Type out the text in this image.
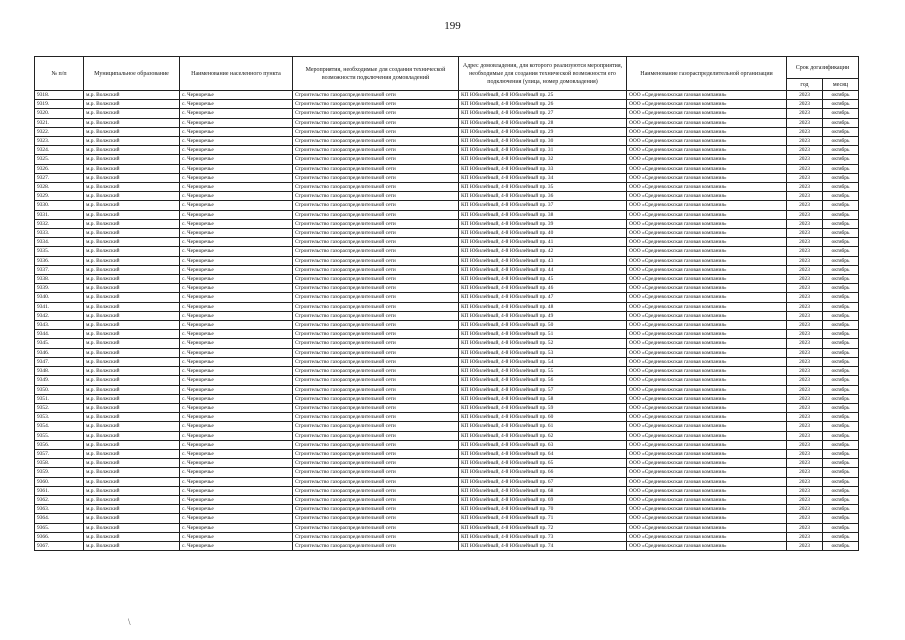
199
№ п/п	Муниципальное образование	Наименование населенного пункта	Мероприятия, необходимые для создания технической возможности подключения домовладений	Адрес домовладения, для которого реализуются мероприятия, необходимые для создания технической возможности его подключения (улица, номер домовладения)	Наименование газораспределительной организации	Срок догазификации	
						год	месяц
9318.	м.р. Волжский	с. Черноречье	Строительство газораспределительной сети	КП Юбилейный, 4-й Юбилейный пр. 25	ООО «Средневолжская газовая компания»	2023	октябрь
9319.	м.р. Волжский	с. Черноречье	Строительство газораспределительной сети	КП Юбилейный, 4-й Юбилейный пр. 26	ООО «Средневолжская газовая компания»	2023	октябрь
9320.	м.р. Волжский	с. Черноречье	Строительство газораспределительной сети	КП Юбилейный, 4-й Юбилейный пр. 27	ООО «Средневолжская газовая компания»	2023	октябрь
9321.	м.р. Волжский	с. Черноречье	Строительство газораспределительной сети	КП Юбилейный, 4-й Юбилейный пр. 28	ООО «Средневолжская газовая компания»	2023	октябрь
9322.	м.р. Волжский	с. Черноречье	Строительство газораспределительной сети	КП Юбилейный, 4-й Юбилейный пр. 29	ООО «Средневолжская газовая компания»	2023	октябрь
9323.	м.р. Волжский	с. Черноречье	Строительство газораспределительной сети	КП Юбилейный, 4-й Юбилейный пр. 30	ООО «Средневолжская газовая компания»	2023	октябрь
9324.	м.р. Волжский	с. Черноречье	Строительство газораспределительной сети	КП Юбилейный, 4-й Юбилейный пр. 31	ООО «Средневолжская газовая компания»	2023	октябрь
9325.	м.р. Волжский	с. Черноречье	Строительство газораспределительной сети	КП Юбилейный, 4-й Юбилейный пр. 32	ООО «Средневолжская газовая компания»	2023	октябрь
9326.	м.р. Волжский	с. Черноречье	Строительство газораспределительной сети	КП Юбилейный, 4-й Юбилейный пр. 33	ООО «Средневолжская газовая компания»	2023	октябрь
9327.	м.р. Волжский	с. Черноречье	Строительство газораспределительной сети	КП Юбилейный, 4-й Юбилейный пр. 34	ООО «Средневолжская газовая компания»	2023	октябрь
9328.	м.р. Волжский	с. Черноречье	Строительство газораспределительной сети	КП Юбилейный, 4-й Юбилейный пр. 35	ООО «Средневолжская газовая компания»	2023	октябрь
9329.	м.р. Волжский	с. Черноречье	Строительство газораспределительной сети	КП Юбилейный, 4-й Юбилейный пр. 36	ООО «Средневолжская газовая компания»	2023	октябрь
9330.	м.р. Волжский	с. Черноречье	Строительство газораспределительной сети	КП Юбилейный, 4-й Юбилейный пр. 37	ООО «Средневолжская газовая компания»	2023	октябрь
9331.	м.р. Волжский	с. Черноречье	Строительство газораспределительной сети	КП Юбилейный, 4-й Юбилейный пр. 38	ООО «Средневолжская газовая компания»	2023	октябрь
9332.	м.р. Волжский	с. Черноречье	Строительство газораспределительной сети	КП Юбилейный, 4-й Юбилейный пр. 39	ООО «Средневолжская газовая компания»	2023	октябрь
9333.	м.р. Волжский	с. Черноречье	Строительство газораспределительной сети	КП Юбилейный, 4-й Юбилейный пр. 40	ООО «Средневолжская газовая компания»	2023	октябрь
9334.	м.р. Волжский	с. Черноречье	Строительство газораспределительной сети	КП Юбилейный, 4-й Юбилейный пр. 41	ООО «Средневолжская газовая компания»	2023	октябрь
9335.	м.р. Волжский	с. Черноречье	Строительство газораспределительной сети	КП Юбилейный, 4-й Юбилейный пр. 42	ООО «Средневолжская газовая компания»	2023	октябрь
9336.	м.р. Волжский	с. Черноречье	Строительство газораспределительной сети	КП Юбилейный, 4-й Юбилейный пр. 43	ООО «Средневолжская газовая компания»	2023	октябрь
9337.	м.р. Волжский	с. Черноречье	Строительство газораспределительной сети	КП Юбилейный, 4-й Юбилейный пр. 44	ООО «Средневолжская газовая компания»	2023	октябрь
9338.	м.р. Волжский	с. Черноречье	Строительство газораспределительной сети	КП Юбилейный, 4-й Юбилейный пр. 45	ООО «Средневолжская газовая компания»	2023	октябрь
9339.	м.р. Волжский	с. Черноречье	Строительство газораспределительной сети	КП Юбилейный, 4-й Юбилейный пр. 46	ООО «Средневолжская газовая компания»	2023	октябрь
9340.	м.р. Волжский	с. Черноречье	Строительство газораспределительной сети	КП Юбилейный, 4-й Юбилейный пр. 47	ООО «Средневолжская газовая компания»	2023	октябрь
9341.	м.р. Волжский	с. Черноречье	Строительство газораспределительной сети	КП Юбилейный, 4-й Юбилейный пр. 48	ООО «Средневолжская газовая компания»	2023	октябрь
9342.	м.р. Волжский	с. Черноречье	Строительство газораспределительной сети	КП Юбилейный, 4-й Юбилейный пр. 49	ООО «Средневолжская газовая компания»	2023	октябрь
9343.	м.р. Волжский	с. Черноречье	Строительство газораспределительной сети	КП Юбилейный, 4-й Юбилейный пр. 50	ООО «Средневолжская газовая компания»	2023	октябрь
9344.	м.р. Волжский	с. Черноречье	Строительство газораспределительной сети	КП Юбилейный, 4-й Юбилейный пр. 51	ООО «Средневолжская газовая компания»	2023	октябрь
9345.	м.р. Волжский	с. Черноречье	Строительство газораспределительной сети	КП Юбилейный, 4-й Юбилейный пр. 52	ООО «Средневолжская газовая компания»	2023	октябрь
9346.	м.р. Волжский	с. Черноречье	Строительство газораспределительной сети	КП Юбилейный, 4-й Юбилейный пр. 53	ООО «Средневолжская газовая компания»	2023	октябрь
9347.	м.р. Волжский	с. Черноречье	Строительство газораспределительной сети	КП Юбилейный, 4-й Юбилейный пр. 54	ООО «Средневолжская газовая компания»	2023	октябрь
9348.	м.р. Волжский	с. Черноречье	Строительство газораспределительной сети	КП Юбилейный, 4-й Юбилейный пр. 55	ООО «Средневолжская газовая компания»	2023	октябрь
9349.	м.р. Волжский	с. Черноречье	Строительство газораспределительной сети	КП Юбилейный, 4-й Юбилейный пр. 56	ООО «Средневолжская газовая компания»	2023	октябрь
9350.	м.р. Волжский	с. Черноречье	Строительство газораспределительной сети	КП Юбилейный, 4-й Юбилейный пр. 57	ООО «Средневолжская газовая компания»	2023	октябрь
9351.	м.р. Волжский	с. Черноречье	Строительство газораспределительной сети	КП Юбилейный, 4-й Юбилейный пр. 58	ООО «Средневолжская газовая компания»	2023	октябрь
9352.	м.р. Волжский	с. Черноречье	Строительство газораспределительной сети	КП Юбилейный, 4-й Юбилейный пр. 59	ООО «Средневолжская газовая компания»	2023	октябрь
9353.	м.р. Волжский	с. Черноречье	Строительство газораспределительной сети	КП Юбилейный, 4-й Юбилейный пр. 60	ООО «Средневолжская газовая компания»	2023	октябрь
9354.	м.р. Волжский	с. Черноречье	Строительство газораспределительной сети	КП Юбилейный, 4-й Юбилейный пр. 61	ООО «Средневолжская газовая компания»	2023	октябрь
9355.	м.р. Волжский	с. Черноречье	Строительство газораспределительной сети	КП Юбилейный, 4-й Юбилейный пр. 62	ООО «Средневолжская газовая компания»	2023	октябрь
9356.	м.р. Волжский	с. Черноречье	Строительство газораспределительной сети	КП Юбилейный, 4-й Юбилейный пр. 63	ООО «Средневолжская газовая компания»	2023	октябрь
9357.	м.р. Волжский	с. Черноречье	Строительство газораспределительной сети	КП Юбилейный, 4-й Юбилейный пр. 64	ООО «Средневолжская газовая компания»	2023	октябрь
9358.	м.р. Волжский	с. Черноречье	Строительство газораспределительной сети	КП Юбилейный, 4-й Юбилейный пр. 65	ООО «Средневолжская газовая компания»	2023	октябрь
9359.	м.р. Волжский	с. Черноречье	Строительство газораспределительной сети	КП Юбилейный, 4-й Юбилейный пр. 66	ООО «Средневолжская газовая компания»	2023	октябрь
9360.	м.р. Волжский	с. Черноречье	Строительство газораспределительной сети	КП Юбилейный, 4-й Юбилейный пр. 67	ООО «Средневолжская газовая компания»	2023	октябрь
9361.	м.р. Волжский	с. Черноречье	Строительство газораспределительной сети	КП Юбилейный, 4-й Юбилейный пр. 68	ООО «Средневолжская газовая компания»	2023	октябрь
9362.	м.р. Волжский	с. Черноречье	Строительство газораспределительной сети	КП Юбилейный, 4-й Юбилейный пр. 69	ООО «Средневолжская газовая компания»	2023	октябрь
9363.	м.р. Волжский	с. Черноречье	Строительство газораспределительной сети	КП Юбилейный, 4-й Юбилейный пр. 70	ООО «Средневолжская газовая компания»	2023	октябрь
9364.	м.р. Волжский	с. Черноречье	Строительство газораспределительной сети	КП Юбилейный, 4-й Юбилейный пр. 71	ООО «Средневолжская газовая компания»	2023	октябрь
9365.	м.р. Волжский	с. Черноречье	Строительство газораспределительной сети	КП Юбилейный, 4-й Юбилейный пр. 72	ООО «Средневолжская газовая компания»	2023	октябрь
9366.	м.р. Волжский	с. Черноречье	Строительство газораспределительной сети	КП Юбилейный, 4-й Юбилейный пр. 73	ООО «Средневолжская газовая компания»	2023	октябрь
9367.	м.р. Волжский	с. Черноречье	Строительство газораспределительной сети	КП Юбилейный, 4-й Юбилейный пр. 74	ООО «Средневолжская газовая компания»	2023	октябрь
\
